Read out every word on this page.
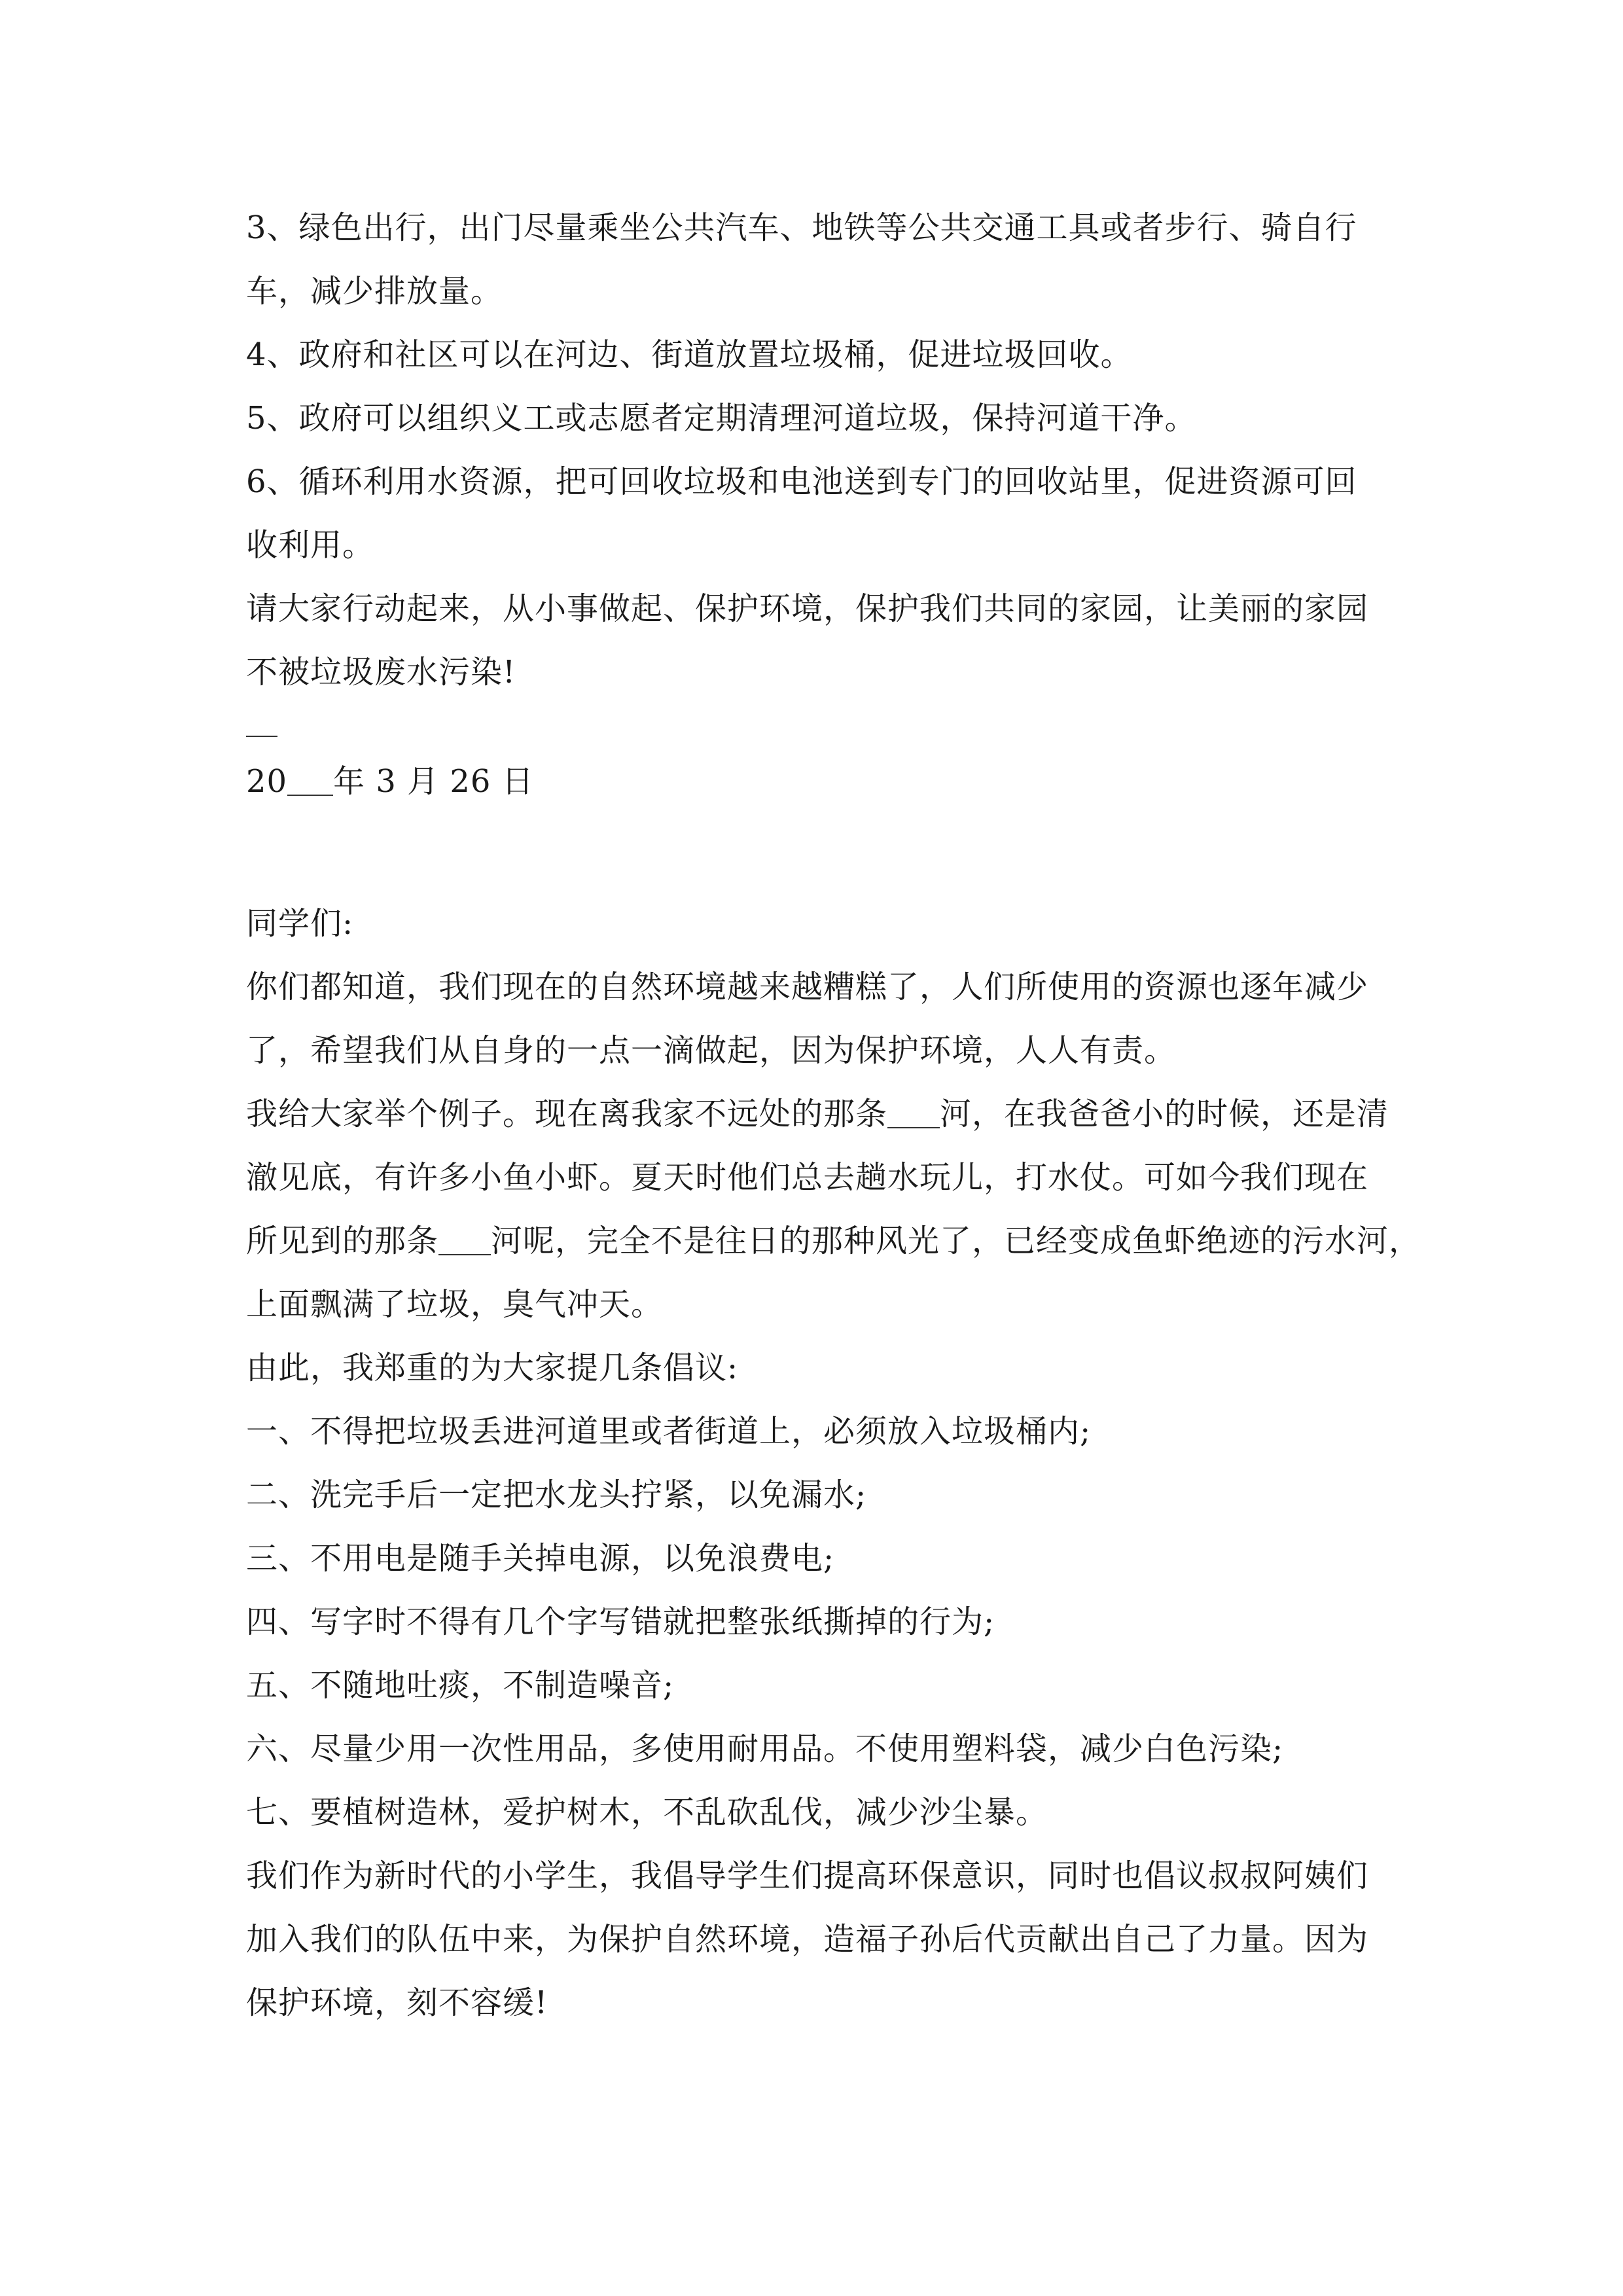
3、绿色出行，出门尽量乘坐公共汽车、地铁等公共交通工具或者步行、骑自行
车，减少排放量。
4、政府和社区可以在河边、街道放置垃圾桶，促进垃圾回收。
5、政府可以组织义工或志愿者定期清理河道垃圾，保持河道干净。
6、循环利用水资源，把可回收垃圾和电池送到专门的回收站里，促进资源可回
收利用。
请大家行动起来，从小事做起、保护环境，保护我们共同的家园，让美丽的家园
不被垃圾废水污染!
20 年 3 月 26 日
同学们:
你们都知道，我们现在的自然环境越来越糟糕了，人们所使用的资源也逐年减少
了，希望我们从自身的一点一滴做起，因为保护环境，人人有责。
我给大家举个例子。现在离我家不远处的那条 河，在我爸爸小的时候，还是清
澈见底，有许多小鱼小虾。夏天时他们总去趟水玩儿，打水仗。可如今我们现在
所见到的那条 河呢，完全不是往日的那种风光了，已经变成鱼虾绝迹的污水河，
上面飘满了垃圾，臭气冲天。
由此，我郑重的为大家提几条倡议:
一、不得把垃圾丢进河道里或者街道上，必须放入垃圾桶内;
二、洗完手后一定把水龙头拧紧，以免漏水;
三、不用电是随手关掉电源，以免浪费电;
四、写字时不得有几个字写错就把整张纸撕掉的行为;
五、不随地吐痰，不制造噪音;
六、尽量少用一次性用品，多使用耐用品。不使用塑料袋，减少白色污染;
七、要植树造林，爱护树木，不乱砍乱伐，减少沙尘暴。
我们作为新时代的小学生，我倡导学生们提高环保意识，同时也倡议叔叔阿姨们
加入我们的队伍中来，为保护自然环境，造福子孙后代贡献出自己了力量。因为
保护环境，刻不容缓!
